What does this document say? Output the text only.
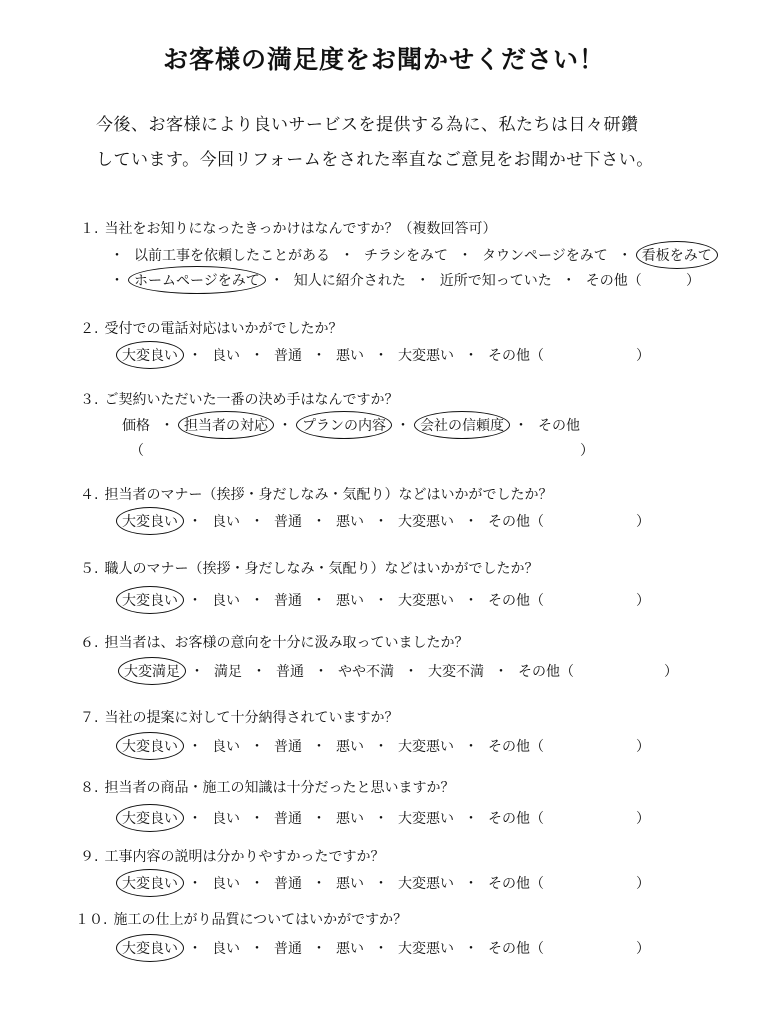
お客様の満足度をお聞かせください！
今後、お客様により良いサービスを提供する為に、私たちは日々研鑽
しています。今回リフォームをされた率直なご意見をお聞かせ下さい。
１. 当社をお知りになったきっかけはなんですか？（複数回答可）
・ 以前工事を依頼したことがある ・ チラシをみて ・ タウンページをみて ・ 看板をみて
・ ホームページをみて ・ 知人に紹介された ・ 近所で知っていた ・ その他（	）
２. 受付での電話対応はいかがでしたか？
大変良い ・ 良い ・ 普通 ・ 悪い ・ 大変悪い ・ その他（	）
３. ご契約いただいた一番の決め手はなんですか？
価格 ・ 担当者の対応 ・ プランの内容 ・ 会社の信頼度 ・ その他
（	）
４. 担当者のマナー（挨拶・身だしなみ・気配り）などはいかがでしたか？
大変良い ・ 良い ・ 普通 ・ 悪い ・ 大変悪い ・ その他（	）
５. 職人のマナー（挨拶・身だしなみ・気配り）などはいかがでしたか？
大変良い ・ 良い ・ 普通 ・ 悪い ・ 大変悪い ・ その他（	）
６. 担当者は、お客様の意向を十分に汲み取っていましたか？
大変満足 ・ 満足 ・ 普通 ・ やや不満 ・ 大変不満 ・ その他（	）
７. 当社の提案に対して十分納得されていますか？
大変良い ・ 良い ・ 普通 ・ 悪い ・ 大変悪い ・ その他（	）
８. 担当者の商品・施工の知識は十分だったと思いますか？
大変良い ・ 良い ・ 普通 ・ 悪い ・ 大変悪い ・ その他（	）
９. 工事内容の説明は分かりやすかったですか？
大変良い ・ 良い ・ 普通 ・ 悪い ・ 大変悪い ・ その他（	）
１０. 施工の仕上がり品質についてはいかがですか？
大変良い ・ 良い ・ 普通 ・ 悪い ・ 大変悪い ・ その他（	）
